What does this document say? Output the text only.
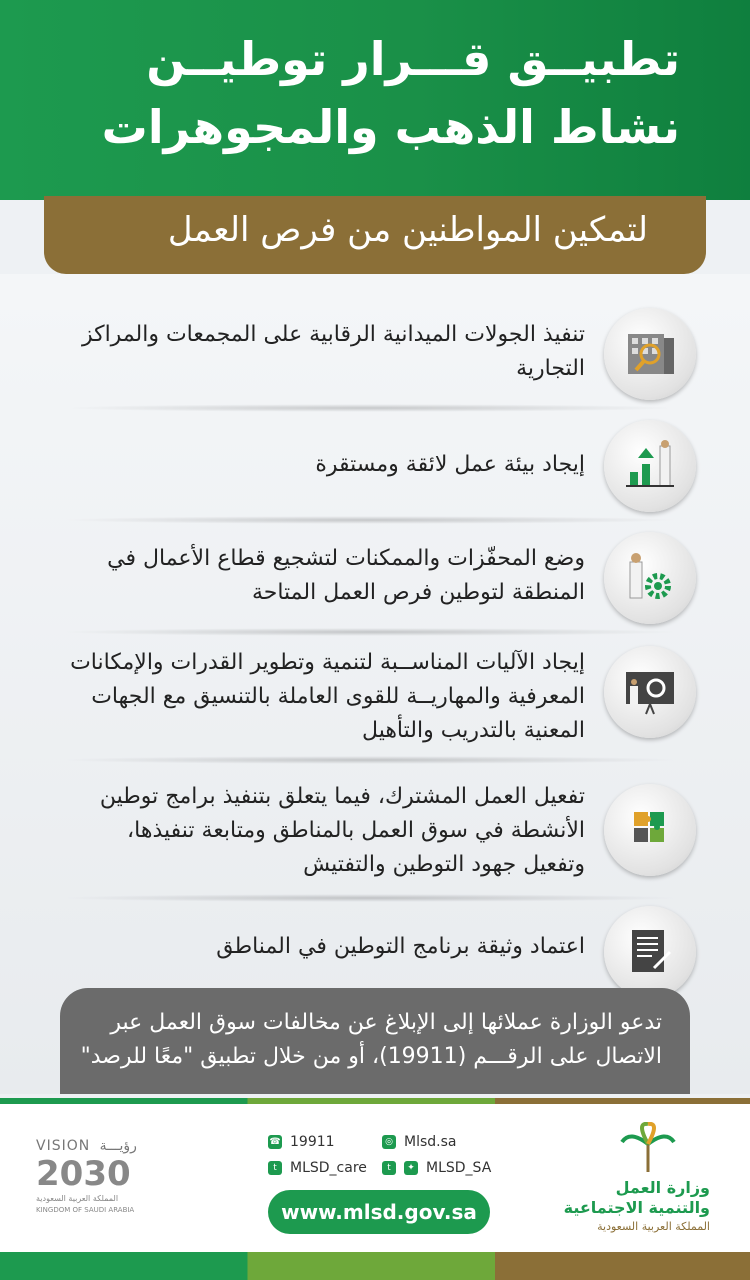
تطبيــق قـــرار توطيــن
نشاط الذهب والمجوهرات
لتمكين المواطنين من فرص العمل
تنفيذ الجولات الميدانية الرقابية على المجمعات والمراكز التجارية
إيجاد بيئة عمل لائقة ومستقرة
وضع المحفّزات والممكنات لتشجيع قطاع الأعمال في المنطقة لتوطين فرص العمل المتاحة
إيجاد الآليات المناســبة لتنمية وتطوير القدرات والإمكانات المعرفية والمهاريــة للقوى العاملة بالتنسيق مع الجهات المعنية بالتدريب والتأهيل
تفعيل العمل المشترك، فيما يتعلق بتنفيذ برامج توطين الأنشطة في سوق العمل بالمناطق ومتابعة تنفيذها، وتفعيل جهود التوطين والتفتيش
اعتماد وثيقة برنامج التوطين في المناطق
تدعو الوزارة عملائها إلى الإبلاغ عن مخالفات سوق العمل عبر
الاتصال على الرقـــم (19911)، أو من خلال تطبيق "معًا للرصد"
VISION رؤيـــة
2030
المملكة العربية السعودية
KINGDOM OF SAUDI ARABIA
☎ 19911	◎ Mlsd.sa
t MLSD_care	t	✦ MLSD_SA
www.mlsd.gov.sa
وزارة العمل
والتنمية الاجتماعية
المملكة العربية السعودية
